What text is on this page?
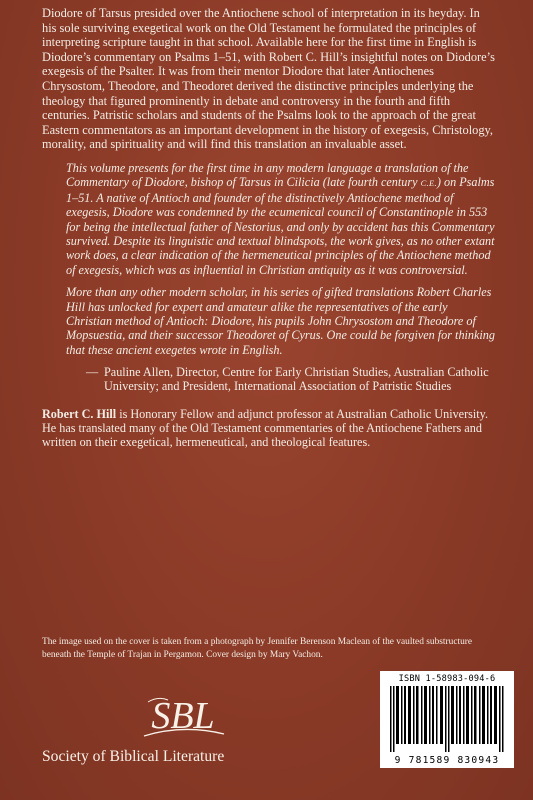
Diodore of Tarsus presided over the Antiochene school of interpretation in its heyday. In his sole surviving exegetical work on the Old Testament he formulated the principles of interpreting scripture taught in that school. Available here for the first time in English is Diodore’s commentary on Psalms 1–51, with Robert C. Hill’s insightful notes on Diodore’s exegesis of the Psalter. It was from their mentor Diodore that later Antiochenes Chrysostom, Theodore, and Theodoret derived the distinctive principles underlying the theology that figured prominently in debate and controversy in the fourth and fifth centuries. Patristic scholars and students of the Psalms look to the approach of the great Eastern commentators as an important development in the history of exegesis, Christology, morality, and spirituality and will find this translation an invaluable asset.

This volume presents for the first time in any modern language a translation of the Commentary of Diodore, bishop of Tarsus in Cilicia (late fourth century C.E.) on Psalms 1–51. A native of Antioch and founder of the distinctively Antiochene method of exegesis, Diodore was condemned by the ecumenical council of Constantinople in 553 for being the intellectual father of Nestorius, and only by accident has this Commentary survived. Despite its linguistic and textual blindspots, the work gives, as no other extant work does, a clear indication of the hermeneutical principles of the Antiochene method of exegesis, which was as influential in Christian antiquity as it was controversial.

More than any other modern scholar, in his series of gifted translations Robert Charles Hill has unlocked for expert and amateur alike the representatives of the early Christian method of Antioch: Diodore, his pupils John Chrysostom and Theodore of Mopsuestia, and their successor Theodoret of Cyrus. One could be forgiven for thinking that these ancient exegetes wrote in English.

— Pauline Allen, Director, Centre for Early Christian Studies, Australian Catholic University; and President, International Association of Patristic Studies

Robert C. Hill is Honorary Fellow and adjunct professor at Australian Catholic University. He has translated many of the Old Testament commentaries of the Antiochene Fathers and written on their exegetical, hermeneutical, and theological features.

The image used on the cover is taken from a photograph by Jennifer Berenson Maclean of the vaulted substructure beneath the Temple of Trajan in Pergamon. Cover design by Mary Vachon.

SBL
Society of Biblical Literature
ISBN 1-58983-094-6
9 781589 830943
